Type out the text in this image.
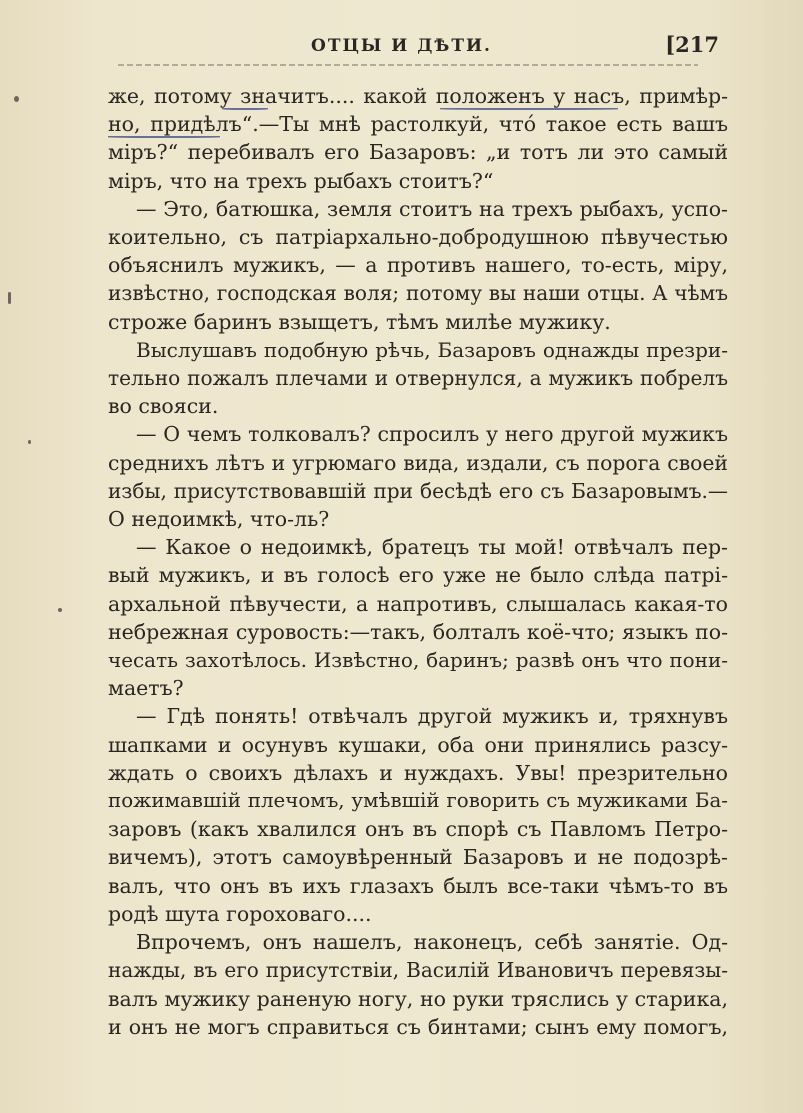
ОТЦЫ И ДѢТИ.	[217
же, потому значитъ.... какой положенъ у насъ, примѣр-
но, придѣлъ“.—Ты мнѣ растолкуй, чтó такое есть вашъ
міръ?“ перебивалъ его Базаровъ: „и тотъ ли это самый
міръ, что на трехъ рыбахъ стоитъ?“
— Это, батюшка, земля стоитъ на трехъ рыбахъ, успо-
коительно, съ патріархально-добродушною пѣвучестью
объяснилъ мужикъ, — а противъ нашего, то-есть, міру,
извѣстно, господская воля; потому вы наши отцы. А чѣмъ
строже баринъ взыщетъ, тѣмъ милѣе мужику.
Выслушавъ подобную рѣчь, Базаровъ однажды презри-
тельно пожалъ плечами и отвернулся, а мужикъ побрелъ
во свояси.
— О чемъ толковалъ? спросилъ у него другой мужикъ
среднихъ лѣтъ и угрюмаго вида, издали, съ порога своей
избы, присутствовавшій при бесѣдѣ его съ Базаровымъ.—
О недоимкѣ, что-ль?
— Какое о недоимкѣ, братецъ ты мой! отвѣчалъ пер-
вый мужикъ, и въ голосѣ его уже не было слѣда патрі-
архальной пѣвучести, а напротивъ, слышалась какая-то
небрежная суровость:—такъ, болталъ коё-что; языкъ по-
чесать захотѣлось. Извѣстно, баринъ; развѣ онъ что пони-
маетъ?
— Гдѣ понять! отвѣчалъ другой мужикъ и, тряхнувъ
шапками и осунувъ кушаки, оба они принялись разсу-
ждать о своихъ дѣлахъ и нуждахъ. Увы! презрительно
пожимавшій плечомъ, умѣвшій говорить съ мужиками Ба-
заровъ (какъ хвалился онъ въ спорѣ съ Павломъ Петро-
вичемъ), этотъ самоувѣренный Базаровъ и не подозрѣ-
валъ, что онъ въ ихъ глазахъ былъ все-таки чѣмъ-то въ
родѣ шута гороховаго....
Впрочемъ, онъ нашелъ, наконецъ, себѣ занятіе. Од-
нажды, въ его присутствіи, Василій Ивановичъ перевязы-
валъ мужику раненую ногу, но руки тряслись у старика,
и онъ не могъ справиться съ бинтами; сынъ ему помогъ,
